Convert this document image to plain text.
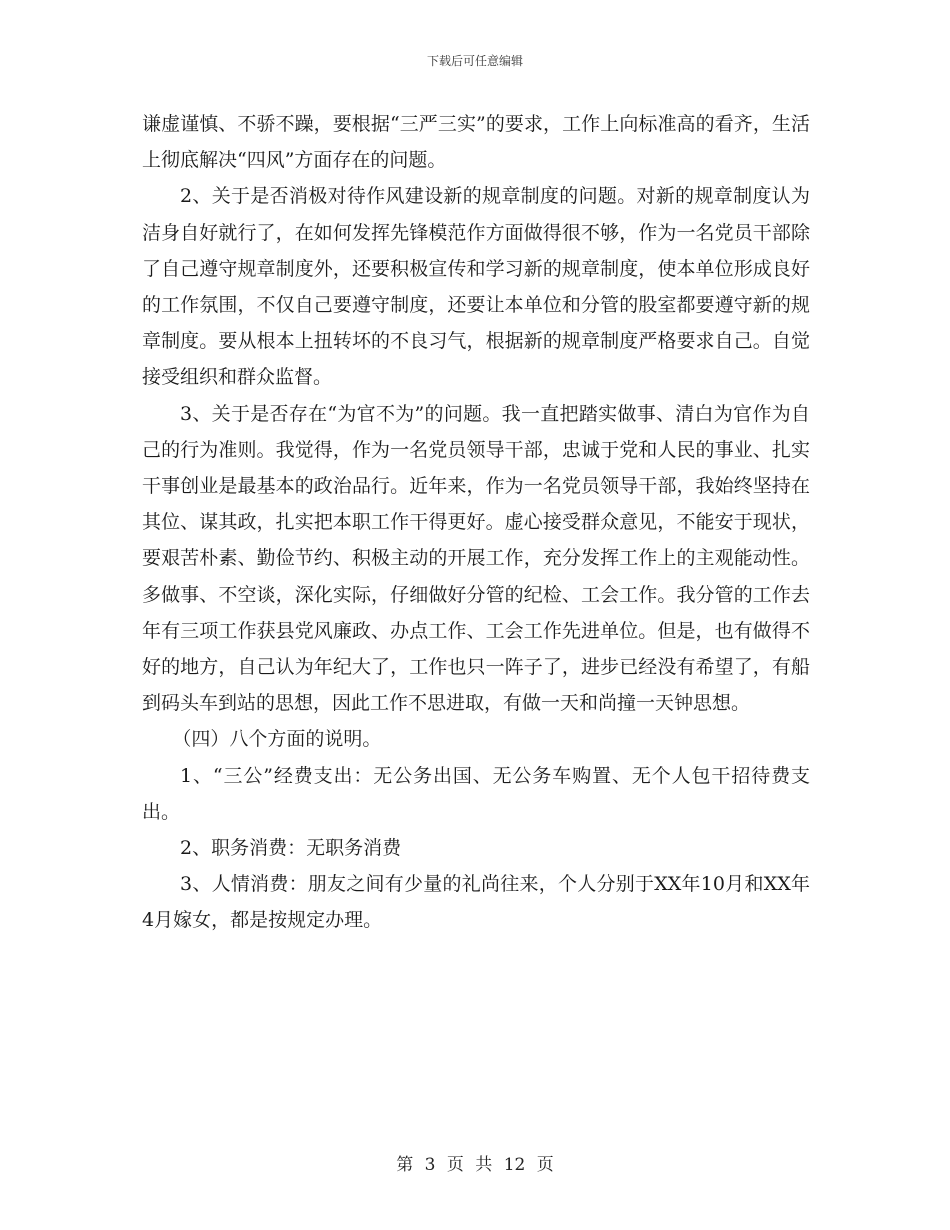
下载后可任意编辑

谦虚谨慎、不骄不躁，要根据“三严三实”的要求，工作上向标准高的看齐，生活上彻底解决“四风”方面存在的问题。

2、关于是否消极对待作风建设新的规章制度的问题。对新的规章制度认为洁身自好就行了，在如何发挥先锋模范作方面做得很不够，作为一名党员干部除了自己遵守规章制度外，还要积极宣传和学习新的规章制度，使本单位形成良好的工作氛围，不仅自己要遵守制度，还要让本单位和分管的股室都要遵守新的规章制度。要从根本上扭转坏的不良习气，根据新的规章制度严格要求自己。自觉接受组织和群众监督。

3、关于是否存在“为官不为”的问题。我一直把踏实做事、清白为官作为自己的行为准则。我觉得，作为一名党员领导干部，忠诚于党和人民的事业、扎实干事创业是最基本的政治品行。近年来，作为一名党员领导干部，我始终坚持在其位、谋其政，扎实把本职工作干得更好。虚心接受群众意见，不能安于现状，要艰苦朴素、勤俭节约、积极主动的开展工作，充分发挥工作上的主观能动性。多做事、不空谈，深化实际，仔细做好分管的纪检、工会工作。我分管的工作去年有三项工作获县党风廉政、办点工作、工会工作先进单位。但是，也有做得不好的地方，自己认为年纪大了，工作也只一阵子了，进步已经没有希望了，有船到码头车到站的思想，因此工作不思进取，有做一天和尚撞一天钟思想。

（四）八个方面的说明。

1、“三公”经费支出：无公务出国、无公务车购置、无个人包干招待费支出。

2、职务消费：无职务消费

3、人情消费：朋友之间有少量的礼尚往来，个人分别于XX年10月和XX年4月嫁女，都是按规定办理。

第 3 页 共 12 页
